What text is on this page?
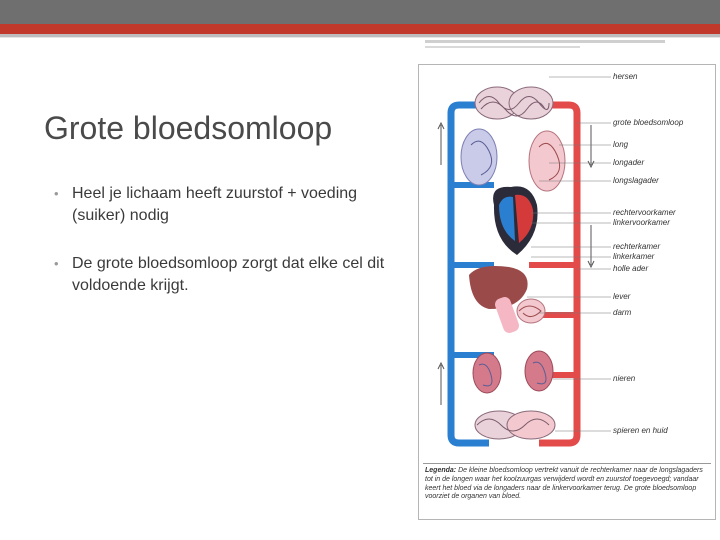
Grote bloedsomloop
• Heel je lichaam heeft zuurstof + voeding (suiker) nodig
• De grote bloedsomloop zorgt dat elke cel dit voldoende krijgt.
hersen
grote bloedsomloop
long
longader
longslagader
rechtervoorkamer
linkervoorkamer
rechterkamer
linkerkamer
holle ader
lever
darm
nieren
spieren en huid
Legenda: De kleine bloedsomloop vertrekt vanuit de rechterkamer naar de longslagaders tot in de longen waar het koolzuurgas verwijderd wordt en zuurstof toegevoegd; vandaar keert het bloed via de longaders naar de linkervoorkamer terug. De grote bloedsomloop voorziet de organen van bloed.
